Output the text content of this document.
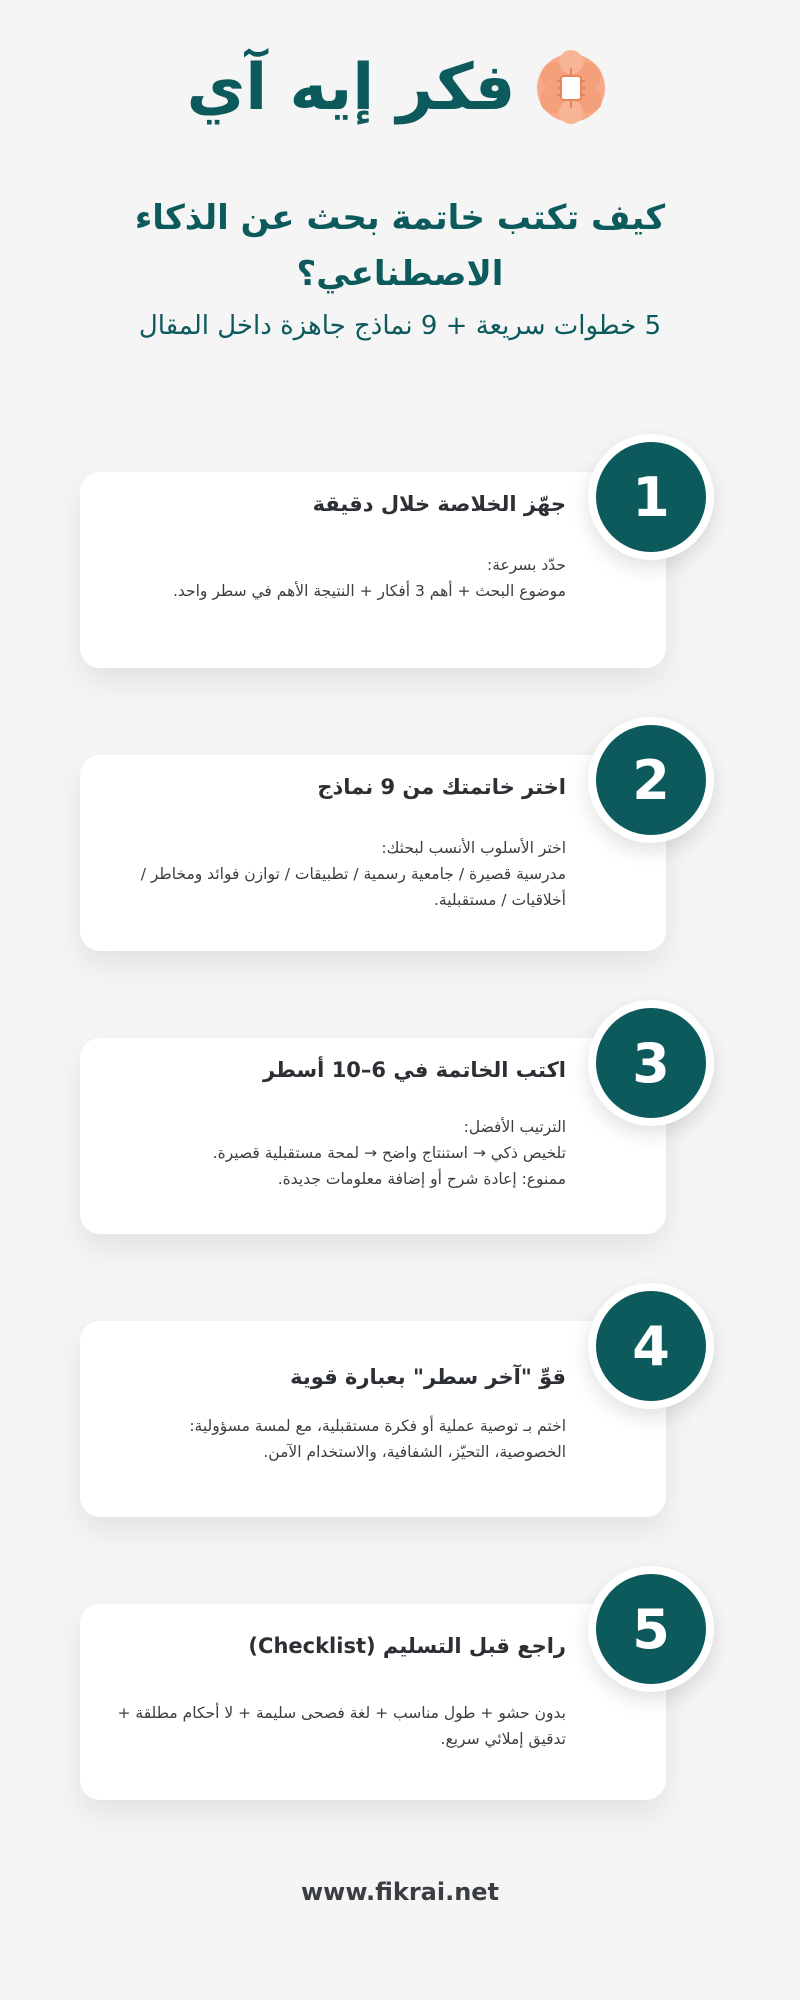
فكر إيه آي
كيف تكتب خاتمة بحث عن الذكاء الاصطناعي؟
5 خطوات سريعة + 9 نماذج جاهزة داخل المقال
جهّز الخلاصة خلال دقيقة
حدّد بسرعة:
موضوع البحث + أهم 3 أفكار + النتيجة الأهم في سطر واحد.
1
اختر خاتمتك من 9 نماذج
اختر الأسلوب الأنسب لبحثك:
مدرسية قصيرة / جامعية رسمية / تطبيقات / توازن فوائد ومخاطر / أخلاقيات / مستقبلية.
2
اكتب الخاتمة في 6–10 أسطر
الترتيب الأفضل:
تلخيص ذكي → استنتاج واضح → لمحة مستقبلية قصيرة.
ممنوع: إعادة شرح أو إضافة معلومات جديدة.
3
قوِّ "آخر سطر" بعبارة قوية
اختم بـ توصية عملية أو فكرة مستقبلية، مع لمسة مسؤولية:
الخصوصية، التحيّز، الشفافية، والاستخدام الآمن.
4
راجع قبل التسليم (Checklist)
بدون حشو + طول مناسب + لغة فصحى سليمة + لا أحكام مطلقة + تدقيق إملائي سريع.
5
www.fikrai.net
